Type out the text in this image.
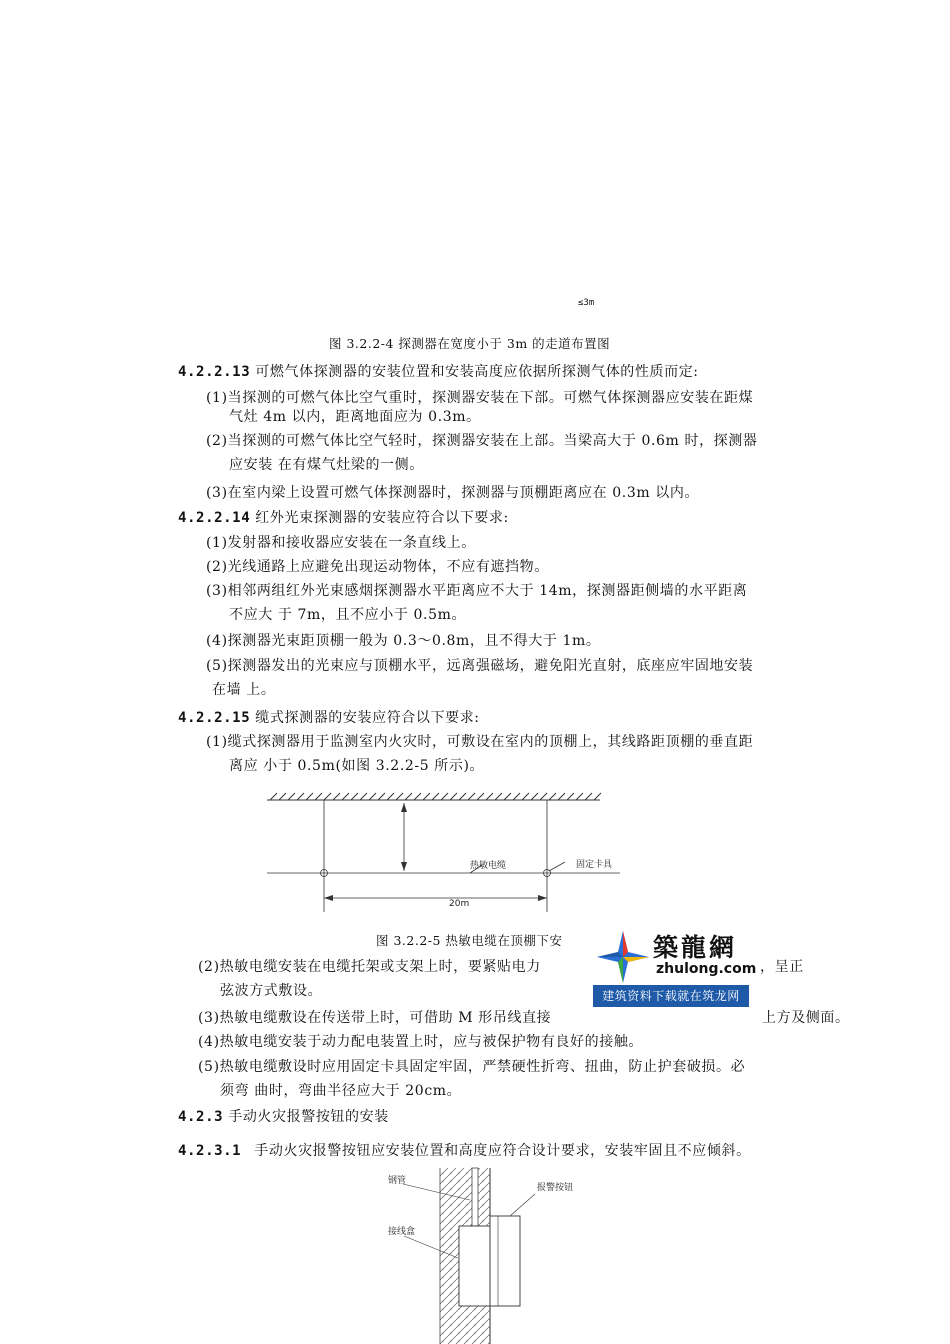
≤3m
图 3.2.2-4 探测器在宽度小于 3m 的走道布置图
4.2.2.13 可燃气体探测器的安装位置和安装高度应依据所探测气体的性质而定:
(1)当探测的可燃气体比空气重时，探测器安装在下部。可燃气体探测器应安装在距煤
气灶 4m 以内，距离地面应为 0.3m。
(2)当探测的可燃气体比空气轻时，探测器安装在上部。当梁高大于 0.6m 时，探测器
应安装 在有煤气灶梁的一侧。
(3)在室内梁上设置可燃气体探测器时，探测器与顶棚距离应在 0.3m 以内。
4.2.2.14 红外光束探测器的安装应符合以下要求:
(1)发射器和接收器应安装在一条直线上。
(2)光线通路上应避免出现运动物体，不应有遮挡物。
(3)相邻两组红外光束感烟探测器水平距离应不大于 14m，探测器距侧墙的水平距离
不应大 于 7m，且不应小于 0.5m。
(4)探测器光束距顶棚一般为 0.3～0.8m，且不得大于 1m。
(5)探测器发出的光束应与顶棚水平，远离强磁场，避免阳光直射，底座应牢固地安装
在墙 上。
4.2.2.15 缆式探测器的安装应符合以下要求:
(1)缆式探测器用于监测室内火灾时，可敷设在室内的顶棚上，其线路距顶棚的垂直距
离应 小于 0.5m(如图 3.2.2-5 所示)。
热敏电缆	固定卡具
20m
图 3.2.2-5 热敏电缆在顶棚下安
(2)热敏电缆安装在电缆托架或支架上时，要紧贴电力	，呈正
弦波方式敷设。
(3)热敏电缆敷设在传送带上时，可借助 M 形吊线直接	上方及侧面。
(4)热敏电缆安装于动力配电装置上时，应与被保护物有良好的接触。
(5)热敏电缆敷设时应用固定卡具固定牢固，严禁硬性折弯、扭曲，防止护套破损。必
须弯 曲时，弯曲半径应大于 20cm。
4.2.3 手动火灾报警按钮的安装
4.2.3.1 手动火灾报警按钮应安装位置和高度应符合设计要求，安装牢固且不应倾斜。
钢管
报警按钮
接线盒
築龍網
zhulong.com
建筑资料下载就在筑龙网
